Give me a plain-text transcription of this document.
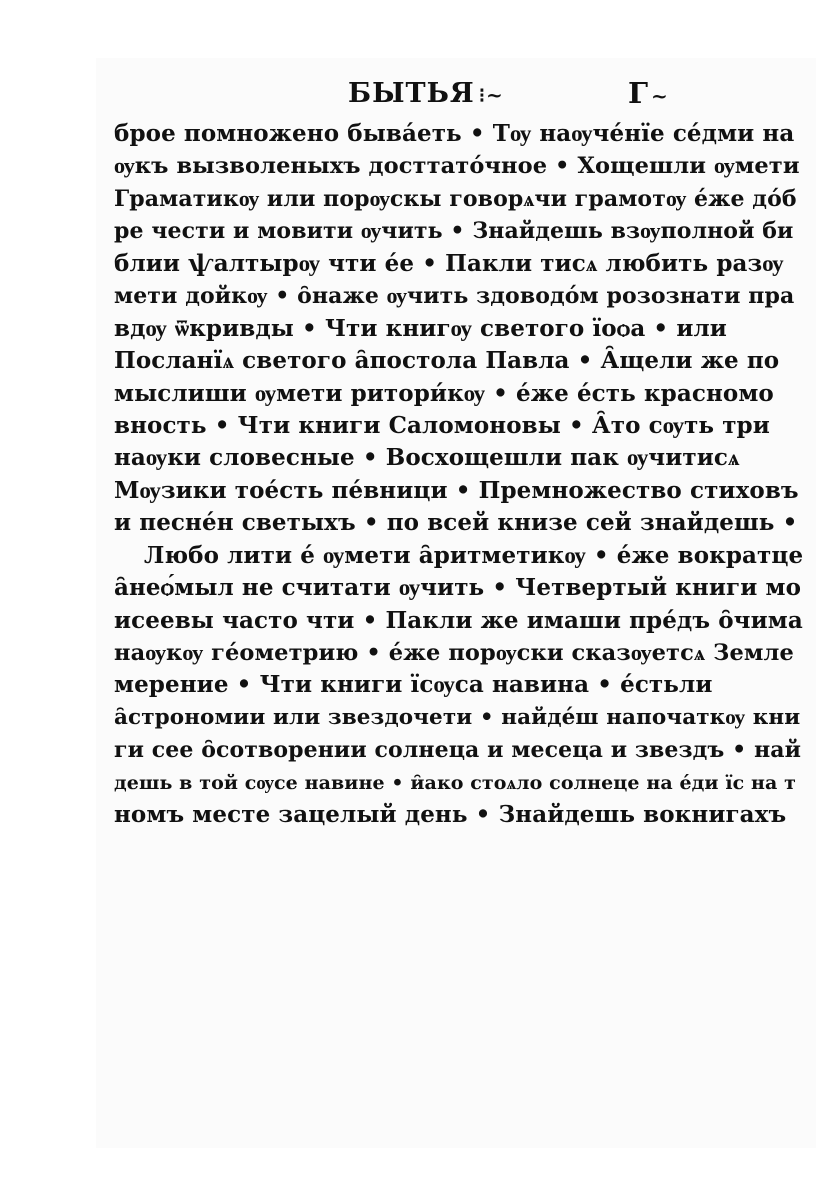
БЫТЬЯ ⁝~	Г ~
брое помножено быва́еть • Тѹ наѹче́нїе се́дми на
ѹкъ вызволеныхъ досттато́чное • Хощешли ѹмети
Граматикѹ или порѹскы говорѧчи грамотѹ е́же до́б
ре чести и мовити ѹчить • Знайдешь взѹполной би
блии ѱалтырѹ чти е́е • Пакли тисѧ любить разѹ
мети дойкѹ • о̑наже ѹчить здоводо́м розознати пра
вдѹ ѿкривды • Чти книгѹ светого їоѻа • или
Посланїѧ светого а̑постола Павла • А̑щели же по
мыслиши ѹмети ритори́кѹ • е́же е́сть красномо
вность • Чти книги Саломоновы • А̑то сѹть три
наѹки словесные • Восхощешли пак ѹчитисѧ
Мѹзики тое́сть пе́вници • Премножество стиховъ
и песне́н светыхъ • по всей книзе сей знайдешь •
Любо лити е́ ѹмети а̑ритметикѹ • е́же вократце
а̑неѻ́мыл не считати ѹчить • Четвертый книги мо
исеевы часто чти • Пакли же имаши пре́дъ о̑чима
наѹкѹ ге́ометрию • е́же порѹски сказѹетсѧ Земле
мерение • Чти книги їсѹса навина • е́стьли
а̑строномии или звездочети • найде́ш напочаткѹ кни
ги сее о̑сотворении солнеца и месеца и звездъ • най
дешь в той сѹсе навине • и̑ако стоѧло солнеце на е́ди їс на т
номъ месте зацелый день • Знайдешь вокнигахъ
